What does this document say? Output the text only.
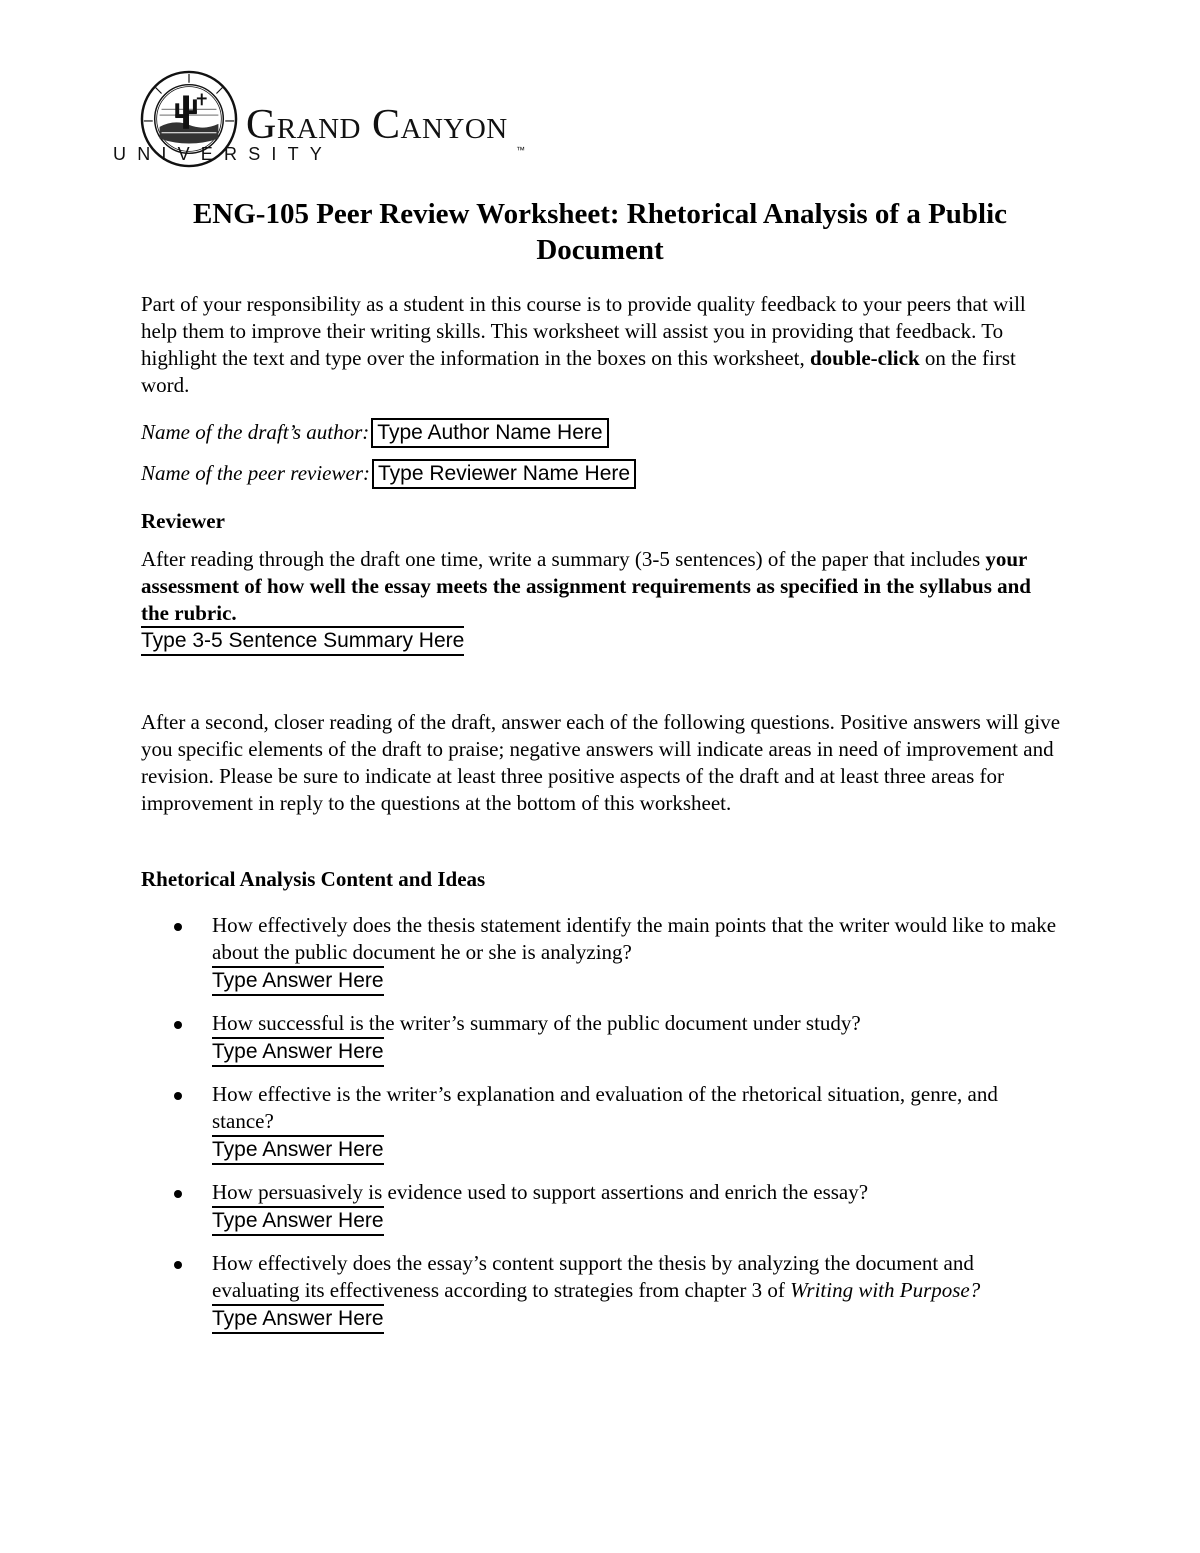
Grand Canyon
UNIVERSITY	™
ENG-105 Peer Review Worksheet: Rhetorical Analysis of a Public Document
Part of your responsibility as a student in this course is to provide quality feedback to your peers that will help them to improve their writing skills. This worksheet will assist you in providing that feedback. To highlight the text and type over the information in the boxes on this worksheet, double-click on the first word.
Name of the draft’s author: Type Author Name Here
Name of the peer reviewer: Type Reviewer Name Here
Reviewer
After reading through the draft one time, write a summary (3-5 sentences) of the paper that includes your assessment of how well the essay meets the assignment requirements as specified in the syllabus and the rubric.
Type 3-5 Sentence Summary Here
After a second, closer reading of the draft, answer each of the following questions. Positive answers will give you specific elements of the draft to praise; negative answers will indicate areas in need of improvement and revision. Please be sure to indicate at least three positive aspects of the draft and at least three areas for improvement in reply to the questions at the bottom of this worksheet.
Rhetorical Analysis Content and Ideas
How effectively does the thesis statement identify the main points that the writer would like to make about the public document he or she is analyzing?
Type Answer Here
How successful is the writer’s summary of the public document under study?
Type Answer Here
How effective is the writer’s explanation and evaluation of the rhetorical situation, genre, and stance?
Type Answer Here
How persuasively is evidence used to support assertions and enrich the essay?
Type Answer Here
How effectively does the essay’s content support the thesis by analyzing the document and evaluating its effectiveness according to strategies from chapter 3 of Writing with Purpose?
Type Answer Here
